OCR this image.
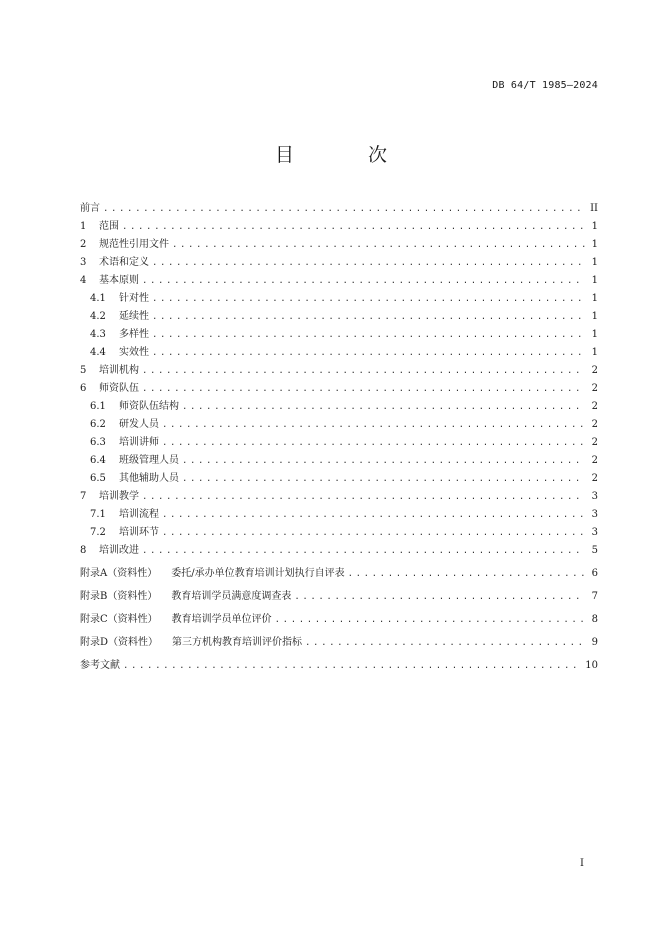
DB 64/T 1985—2024
目 次
前言 .....	II
1	范围 .....	1
2	规范性引用文件 .....	1
3	术语和定义 .....	1
4	基本原则 .....	1
4.1	针对性 .....	1
4.2	延续性 .....	1
4.3	多样性 .....	1
4.4	实效性 .....	1
5	培训机构 .....	2
6	师资队伍 .....	2
6.1	师资队伍结构 .....	2
6.2	研发人员 .....	2
6.3	培训讲师 .....	2
6.4	班级管理人员 .....	2
6.5	其他辅助人员 .....	2
7	培训教学 .....	3
7.1	培训流程 .....	3
7.2	培训环节 .....	3
8	培训改进 .....	5
附录A（资料性） 委托/承办单位教育培训计划执行自评表 .....	6
附录B（资料性） 教育培训学员满意度调查表 .....	7
附录C（资料性） 教育培训学员单位评价 .....	8
附录D（资料性） 第三方机构教育培训评价指标 .....	9
参考文献 .....	10
I
